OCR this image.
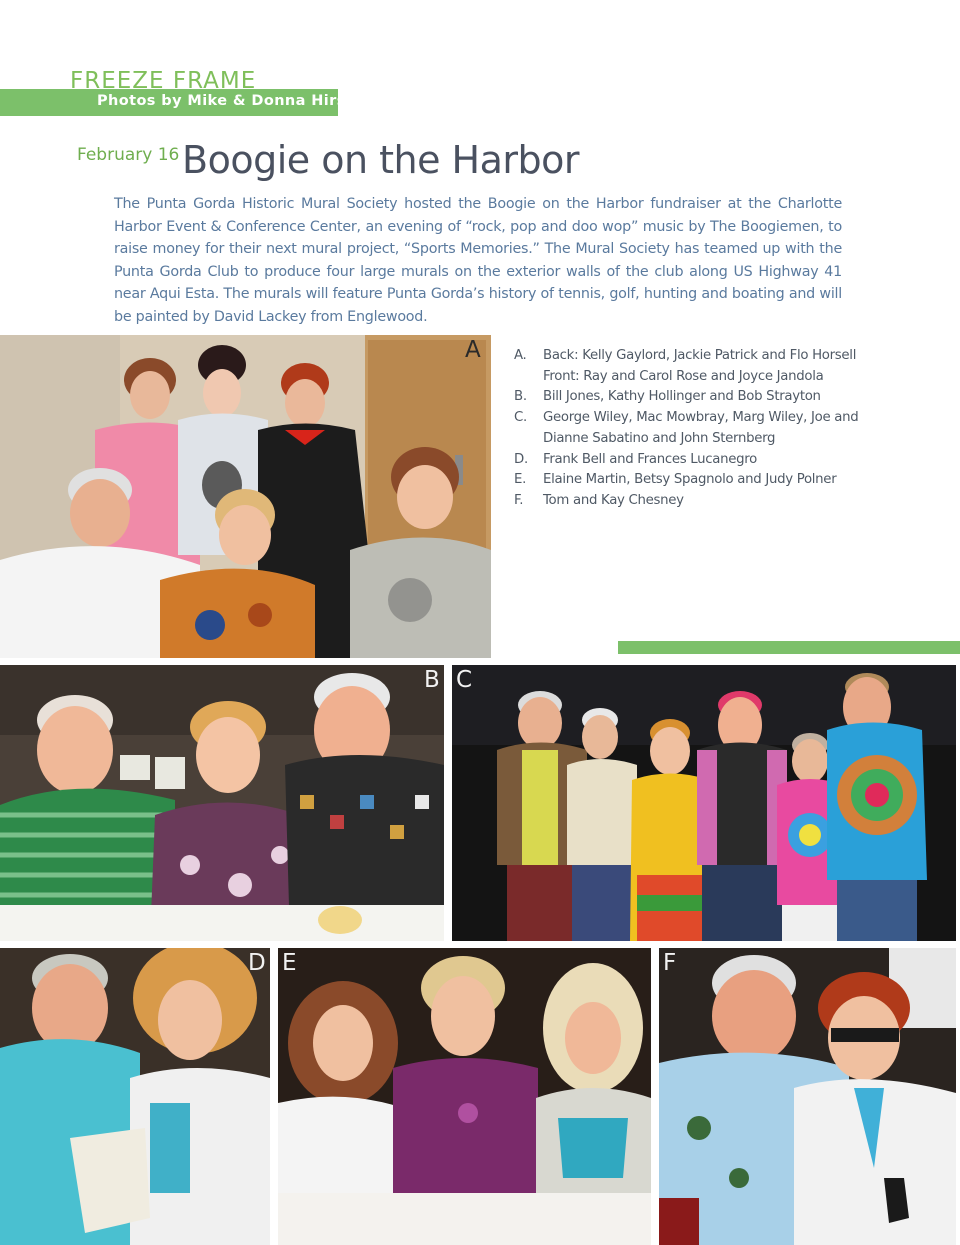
FREEZE FRAME
Photos by Mike & Donna Hirst
February 16 Boogie on the Harbor
The Punta Gorda Historic Mural Society hosted the Boogie on the Harbor fundraiser at the Charlotte Harbor Event & Conference Center, an evening of “rock, pop and doo wop” music by The Boogiemen, to raise money for their next mural project, “Sports Memories.” The Mural Society has teamed up with the Punta Gorda Club to produce four large murals on the exterior walls of the club along US Highway 41 near Aqui Esta. The murals will feature Punta Gorda’s history of tennis, golf, hunting and boating and will be painted by David Lackey from Englewood.
A	A.	Back: Kelly Gaylord, Jackie Patrick and Flo Horsell
Front: Ray and Carol Rose and Joyce Jandola
B.	Bill Jones, Kathy Hollinger and Bob Strayton
C.	George Wiley, Mac Mowbray, Marg Wiley, Joe and Dianne Sabatino and John Sternberg
D.	Frank Bell and Frances Lucanegro
E.	Elaine Martin, Betsy Spagnolo and Judy Polner
F.	Tom and Kay Chesney
B C
D E	F
